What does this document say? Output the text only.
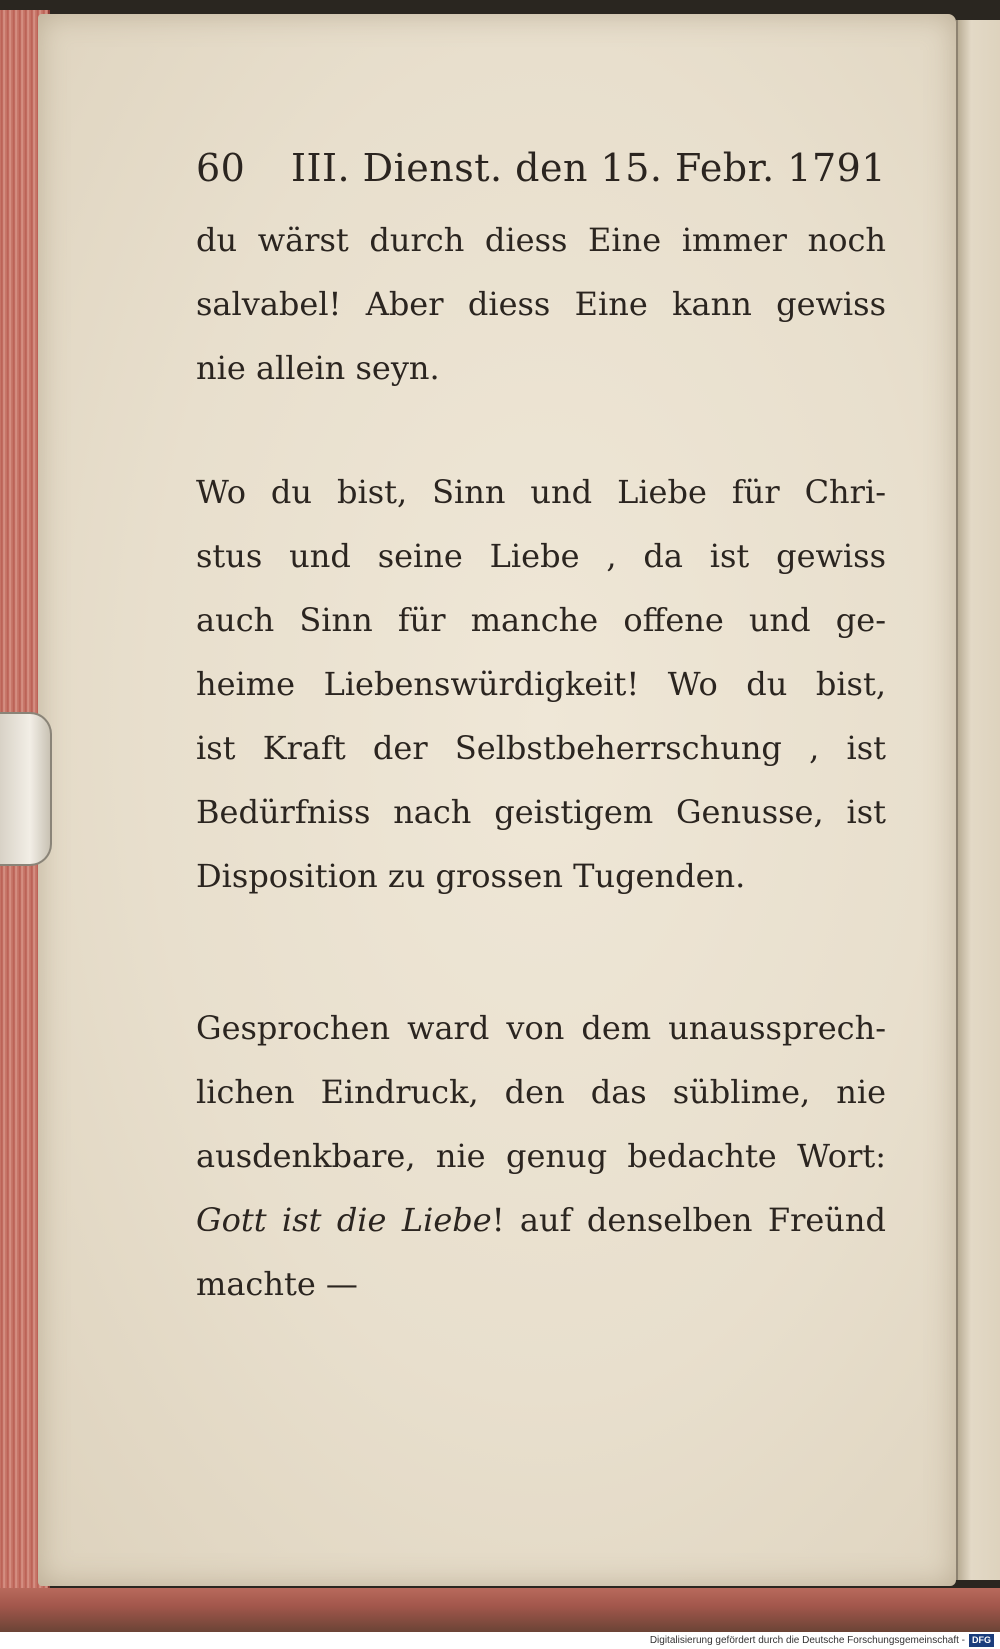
60 III. Dienst. den 15. Febr. 1791
du wärst durch diess Eine immer noch
salvabel! Aber diess Eine kann gewiss
nie allein seyn.
Wo du bist, Sinn und Liebe für Chri-
stus und seine Liebe , da ist gewiss
auch Sinn für manche offene und ge-
heime Liebenswürdigkeit! Wo du bist,
ist Kraft der Selbstbeherrschung , ist
Bedürfniss nach geistigem Genusse, ist
Disposition zu grossen Tugenden.
Gesprochen ward von dem unaussprech-
lichen Eindruck, den das süblime, nie
ausdenkbare, nie genug bedachte Wort:
Gott ist die Liebe! auf denselben Freünd
machte —
Digitalisierung gefördert durch die Deutsche Forschungsgemeinschaft - DFG
